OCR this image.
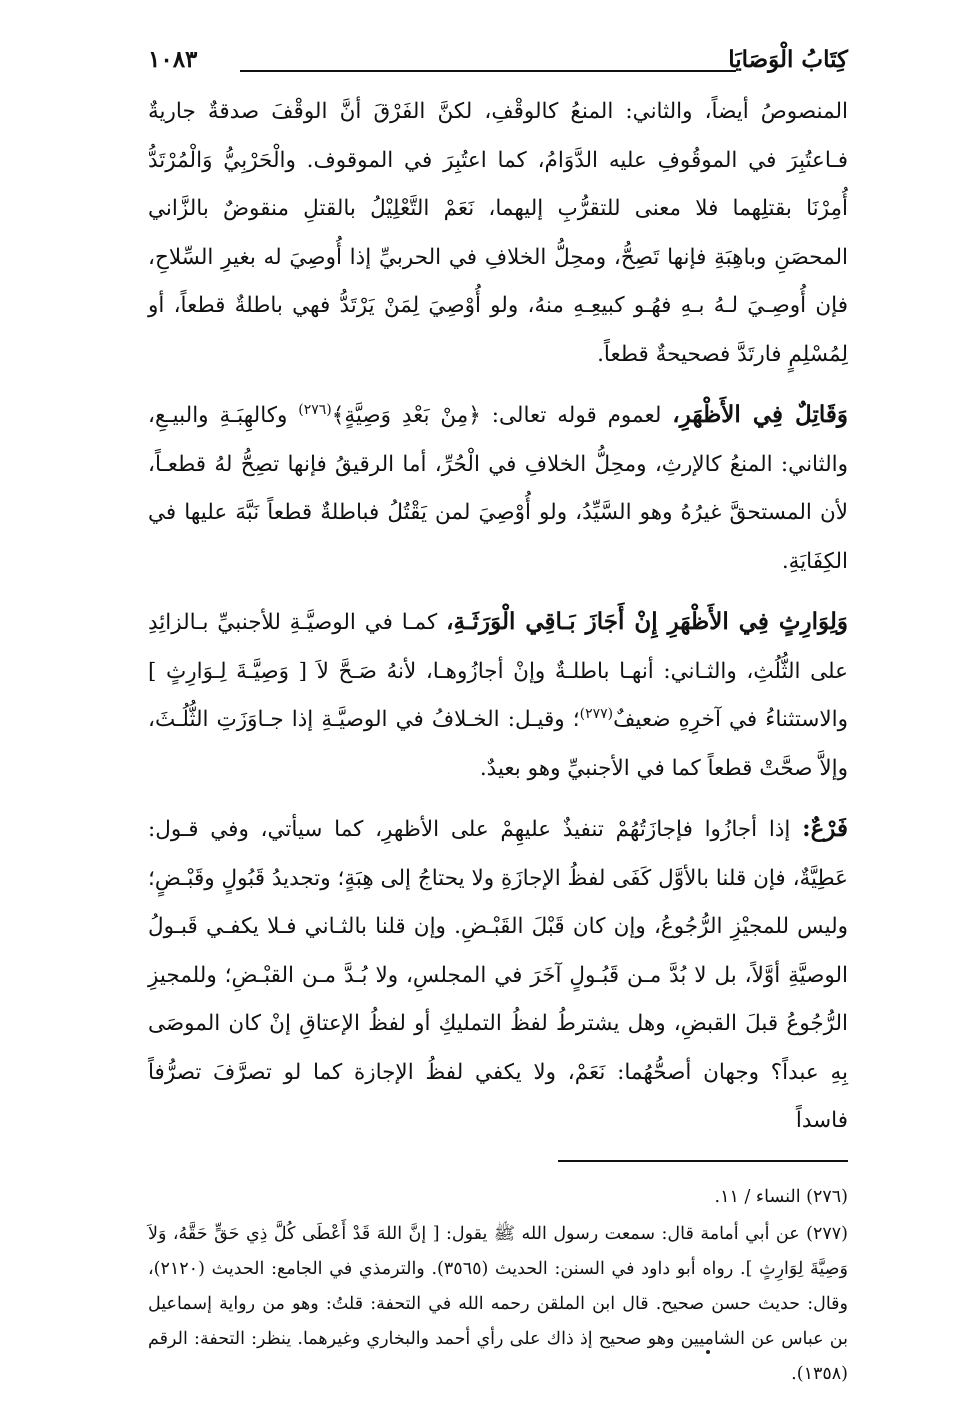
كِتَابُ الْوَصَايَا
١٠٨٣

المنصوصُ أيضاً، والثاني: المنعُ كالوقْفِ، لكنَّ الفَرْقَ أنَّ الوقْفَ صدقةٌ جاريةٌ فـاعتُبِرَ في الموقُوفِ عليه الدَّوَامُ، كما اعتُبِرَ في الموقوف. والْحَرْبِيُّ وَالْمُرْتَدُّ أُمِرْنَا بقتلِهما فلا معنى للتقرُّبِ إليهما، نَعَمْ التَّعْلِيْلُ بالقتلِ منقوضٌ بالزَّاني المحصَنِ وباهِبَةِ فإنها تَصِحُّ، ومحِلُّ الخلافِ في الحربيِّ إذا أُوصِيَ له بغيرِ السِّلاحِ، فإن أُوصِـيَ لـهُ بـهِ فهُـو كبيعِـهِ منهُ، ولو أُوْصِيَ لِمَنْ يَرْتَدُّ فهي باطلةٌ قطعاً، أو لِمُسْلِمٍ فارتَدَّ فصحيحةٌ قطعاً.

وَقَاتِلٌ فِي الأَظْهَرِ، لعموم قوله تعالى: ﴿مِنْ بَعْدِ وَصِيَّةٍ﴾$^{(٢٧٦)}$ وكالهِبَـةِ والبيـعِ، والثاني: المنعُ كالإرثِ، ومحِلُّ الخلافِ في الْحُرِّ، أما الرقيقُ فإنها تصِحُّ لهُ قطعـاً، لأن المستحقَّ غيرُهُ وهو السَّيِّدُ، ولو أُوْصِيَ لمن يَقْتُلُ فباطلةٌ قطعاً نَبَّهَ عليها في الكِفَايَةِ.

وَلِوَارِثٍ فِي الأَظْهَرِ إِنْ أَجَازَ بَـاقِي الْوَرَثَـةِ، كمـا في الوصيَّـةِ للأجنبيِّ بـالزائِدِ على الثُّلُثِ، والثـاني: أنهـا باطلـةٌ وإنْ أجازُوهـا، لأنهُ صَـحَّ لاَ [ وَصِيَّـةَ لِـوَارِثٍ ] والاستثناءُ في آخرِهِ ضعيفٌ$^{(٢٧٧)}$؛ وقيـل: الخـلافُ في الوصيَّـةِ إذا جـاوَزَتِ الثُّلُـثَ، وإلاَّ صحَّتْ قطعاً كما في الأجنبيِّ وهو بعيدٌ.

فَرْعٌ: إذا أجازُوا فإجازَتُهُمْ تنفيذٌ عليهِمْ على الأظهرِ، كما سيأتي، وفي قـول: عَطِيَّةٌ، فإن قلنا بالأوَّل كَفَى لفظُ الإجازَةِ ولا يحتاجُ إلى هِبَةٍ؛ وتجديدُ قَبُولٍ وقَبْـضٍ؛ وليس للمجيْزِ الرُّجُوعُ، وإن كان قَبْلَ القَبْـضِ. وإن قلنا بالثـاني فـلا يكفـي قَبـولُ الوصيَّةِ أوَّلاً، بل لا بُدَّ مـن قَبُـولٍ آخَرَ في المجلسِ، ولا بُـدَّ مـن القبْـضِ؛ وللمجيزِ الرُّجُوعُ قبلَ القبضِ، وهل يشترطُ لفظُ التمليكِ أو لفظُ الإعتاقِ إنْ كان الموصَى بِهِ عبداً؟ وجهان أصحُّهُما: نَعَمْ، ولا يكفي لفظُ الإجازة كما لو تصرَّفَ تصرُّفاً فاسداً

(٢٧٦) النساء / ١١.

(٢٧٧) عن أبي أمامة قال: سمعت رسول الله ﷺ يقول: [ إنَّ اللهَ قَدْ أَعْطَى كُلَّ ذِي حَقٍّ حَقَّهُ، وَلاَ وَصِيَّةَ لِوَارِثٍ ]. رواه أبو داود في السنن: الحديث (٣٥٦٥). والترمذي في الجامع: الحديث (٢١٢٠)، وقال: حديث حسن صحيح. قال ابن الملقن رحمه الله في التحفة: قلتُ: وهو من رواية إسماعيل بن عباس عن الشاميين وهو صحيح إذ ذاك على رأي أحمد والبخاري وغيرهما. ينظر: التحفة: الرقم (١٣٥٨).
